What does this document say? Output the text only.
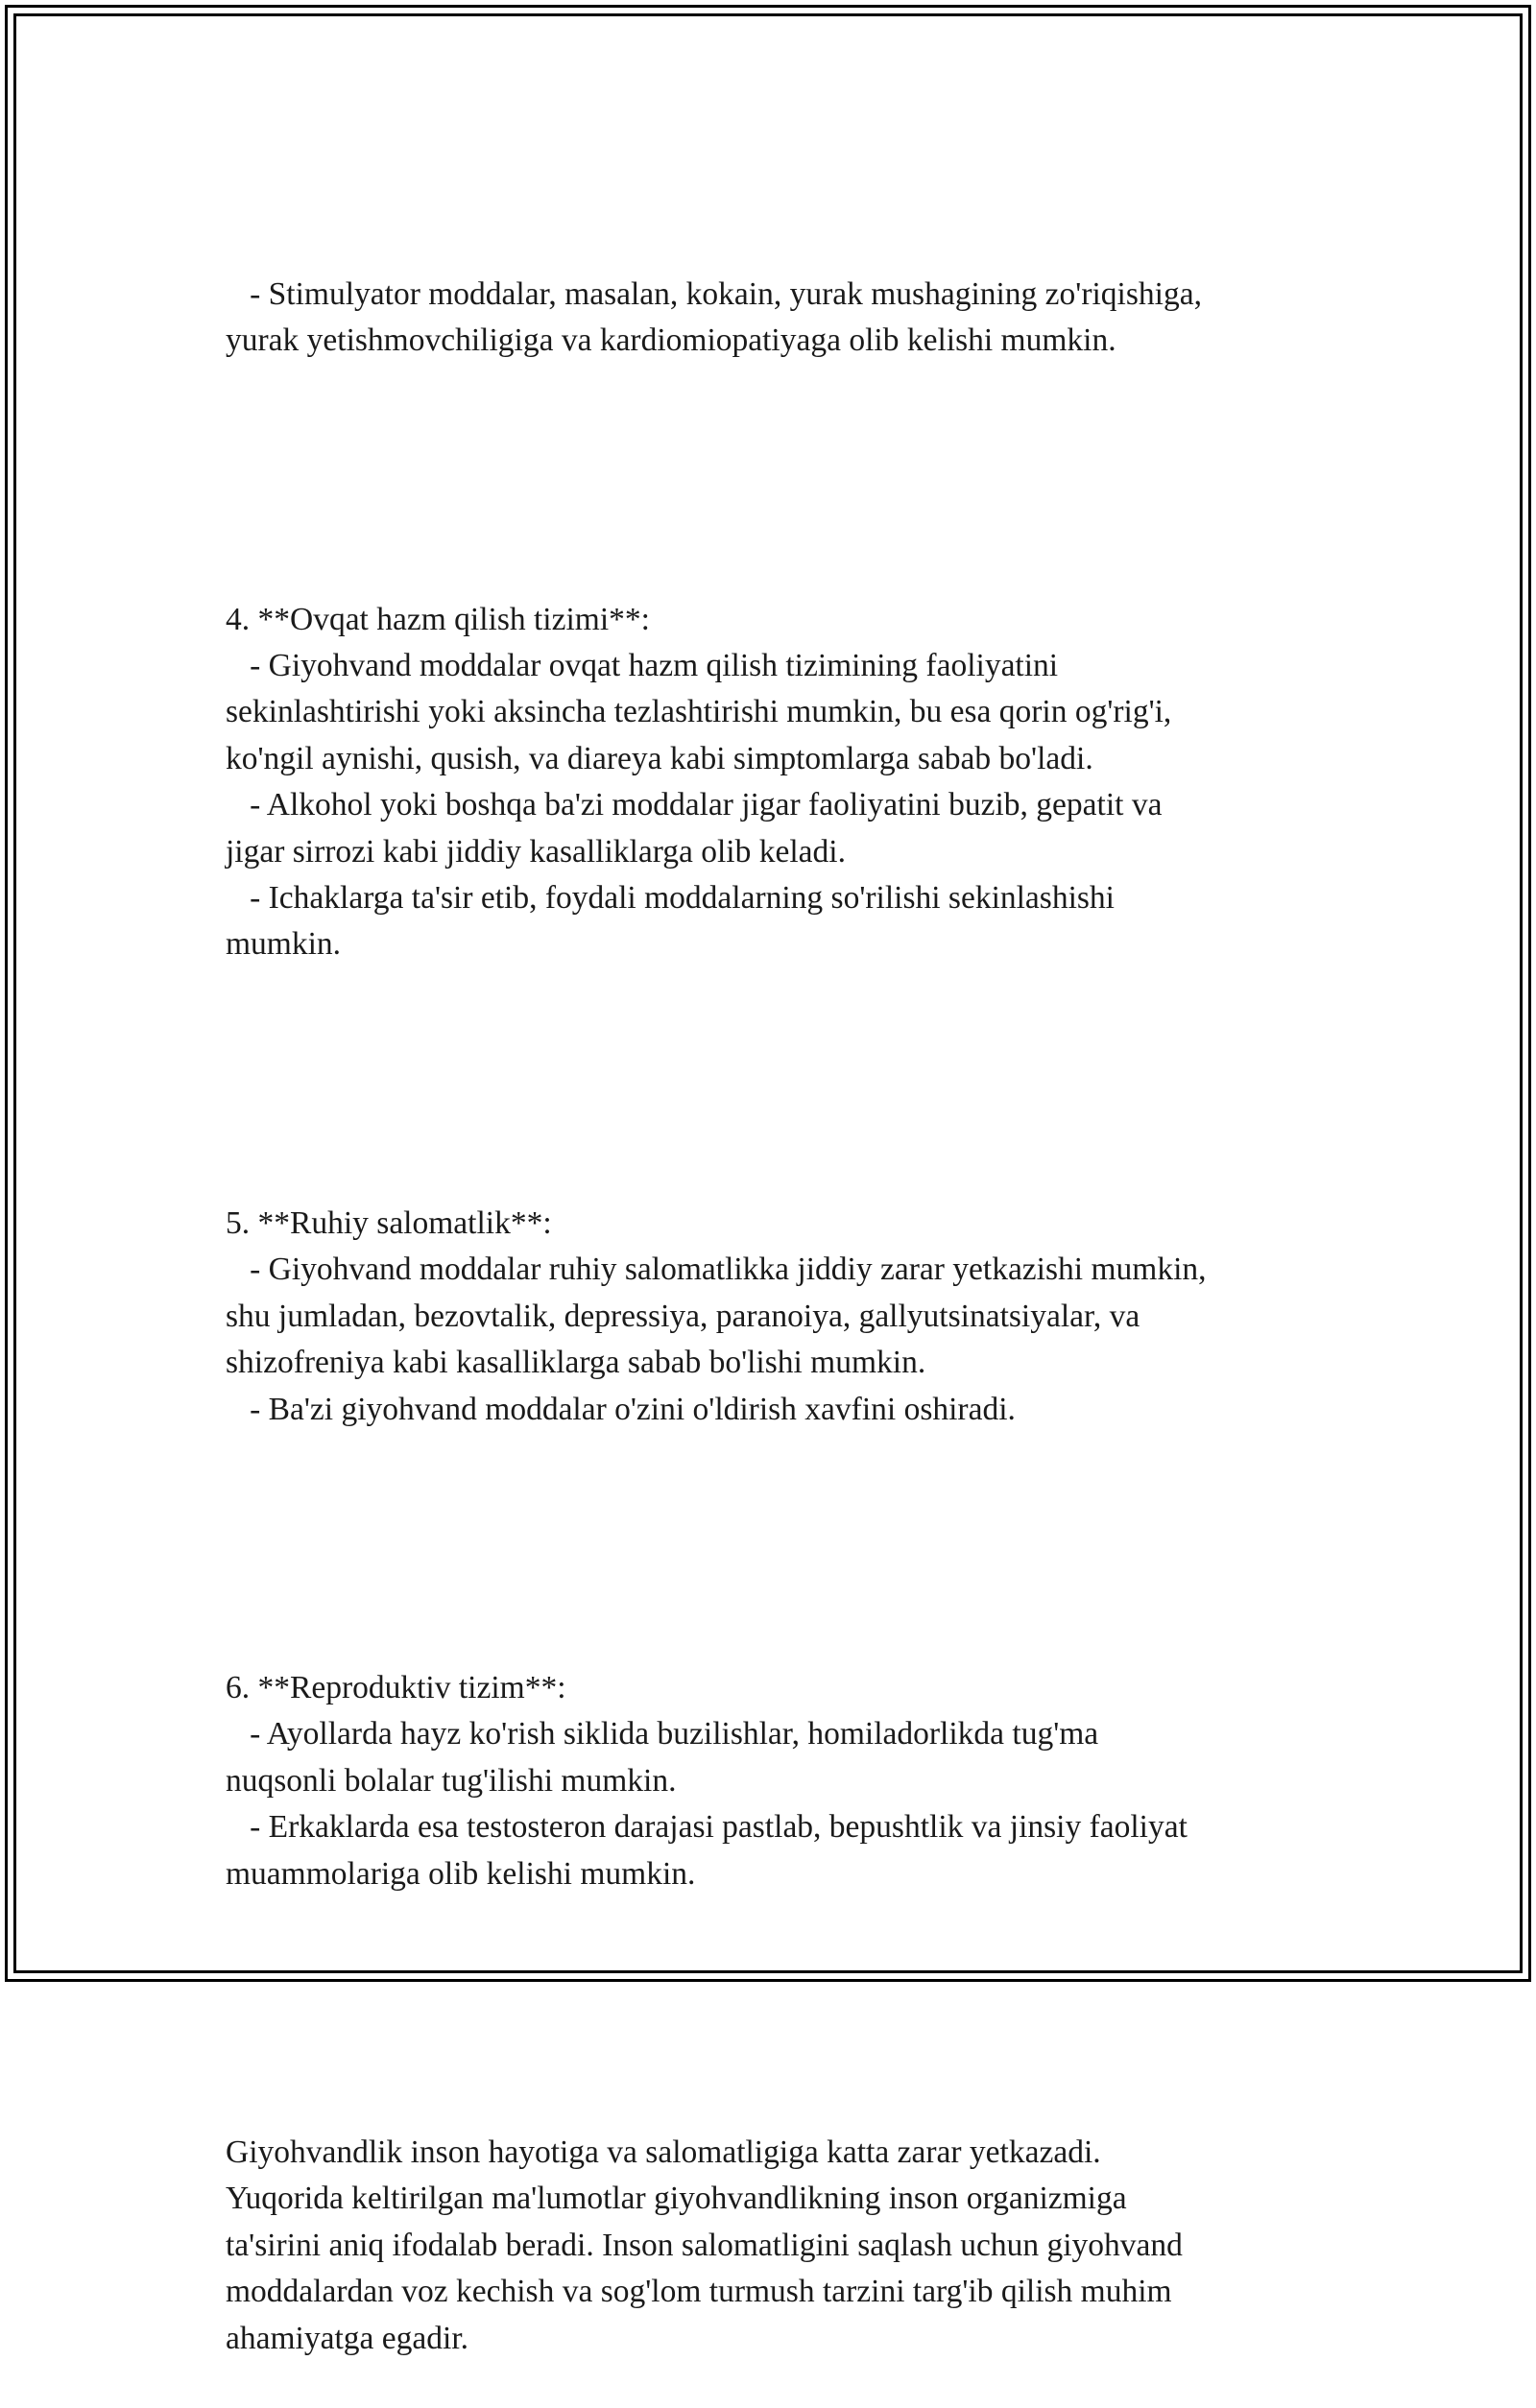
- Stimulyator moddalar, masalan, kokain, yurak mushagining zo'riqishiga,
yurak yetishmovchiligiga va kardiomiopatiyaga olib kelishi mumkin.

4. **Ovqat hazm qilish tizimi**:
- Giyohvand moddalar ovqat hazm qilish tizimining faoliyatini
sekinlashtirishi yoki aksincha tezlashtirishi mumkin, bu esa qorin og'rig'i,
ko'ngil aynishi, qusish, va diareya kabi simptomlarga sabab bo'ladi.
- Alkohol yoki boshqa ba'zi moddalar jigar faoliyatini buzib, gepatit va
jigar sirrozi kabi jiddiy kasalliklarga olib keladi.
- Ichaklarga ta'sir etib, foydali moddalarning so'rilishi sekinlashishi
mumkin.

5. **Ruhiy salomatlik**:
- Giyohvand moddalar ruhiy salomatlikka jiddiy zarar yetkazishi mumkin,
shu jumladan, bezovtalik, depressiya, paranoiya, gallyutsinatsiyalar, va
shizofreniya kabi kasalliklarga sabab bo'lishi mumkin.
- Ba'zi giyohvand moddalar o'zini o'ldirish xavfini oshiradi.

6. **Reproduktiv tizim**:
- Ayollarda hayz ko'rish siklida buzilishlar, homiladorlikda tug'ma
nuqsonli bolalar tug'ilishi mumkin.
- Erkaklarda esa testosteron darajasi pastlab, bepushtlik va jinsiy faoliyat
muammolariga olib kelishi mumkin.

Giyohvandlik inson hayotiga va salomatligiga katta zarar yetkazadi.
Yuqorida keltirilgan ma'lumotlar giyohvandlikning inson organizmiga
ta'sirini aniq ifodalab beradi. Inson salomatligini saqlash uchun giyohvand
moddalardan voz kechish va sog'lom turmush tarzini targ'ib qilish muhim
ahamiyatga egadir.
